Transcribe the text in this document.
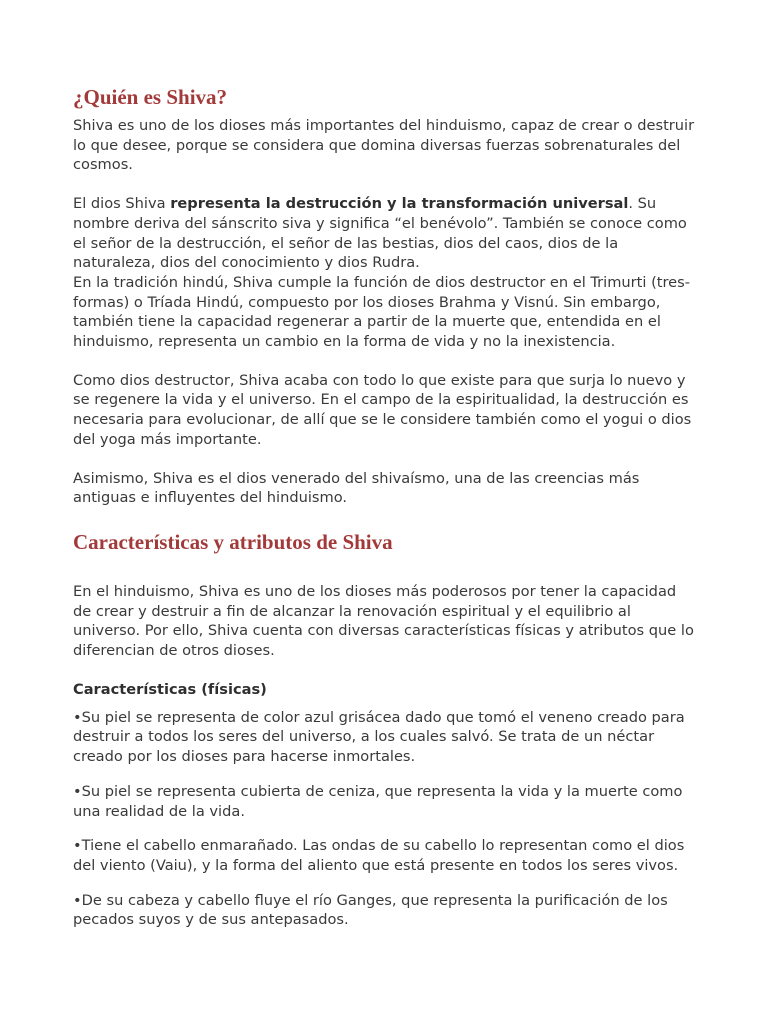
¿Quién es Shiva?

Shiva es uno de los dioses más importantes del hinduismo, capaz de crear o destruir lo que desee, porque se considera que domina diversas fuerzas sobrenaturales del cosmos.

El dios Shiva representa la destrucción y la transformación universal. Su nombre deriva del sánscrito siva y significa “el benévolo”. También se conoce como el señor de la destrucción, el señor de las bestias, dios del caos, dios de la naturaleza, dios del conocimiento y dios Rudra.

En la tradición hindú, Shiva cumple la función de dios destructor en el Trimurti (tres-formas) o Tríada Hindú, compuesto por los dioses Brahma y Visnú. Sin embargo, también tiene la capacidad regenerar a partir de la muerte que, entendida en el hinduismo, representa un cambio en la forma de vida y no la inexistencia.

Como dios destructor, Shiva acaba con todo lo que existe para que surja lo nuevo y se regenere la vida y el universo. En el campo de la espiritualidad, la destrucción es necesaria para evolucionar, de allí que se le considere también como el yogui o dios del yoga más importante.

Asimismo, Shiva es el dios venerado del shivaísmo, una de las creencias más antiguas e influyentes del hinduismo.

Características y atributos de Shiva

En el hinduismo, Shiva es uno de los dioses más poderosos por tener la capacidad de crear y destruir a fin de alcanzar la renovación espiritual y el equilibrio al universo. Por ello, Shiva cuenta con diversas características físicas y atributos que lo diferencian de otros dioses.

Características (físicas)

•Su piel se representa de color azul grisácea dado que tomó el veneno creado para destruir a todos los seres del universo, a los cuales salvó. Se trata de un néctar creado por los dioses para hacerse inmortales.

•Su piel se representa cubierta de ceniza, que representa la vida y la muerte como una realidad de la vida.

•Tiene el cabello enmarañado. Las ondas de su cabello lo representan como el dios del viento (Vaiu), y la forma del aliento que está presente en todos los seres vivos.

•De su cabeza y cabello fluye el río Ganges, que representa la purificación de los pecados suyos y de sus antepasados.
